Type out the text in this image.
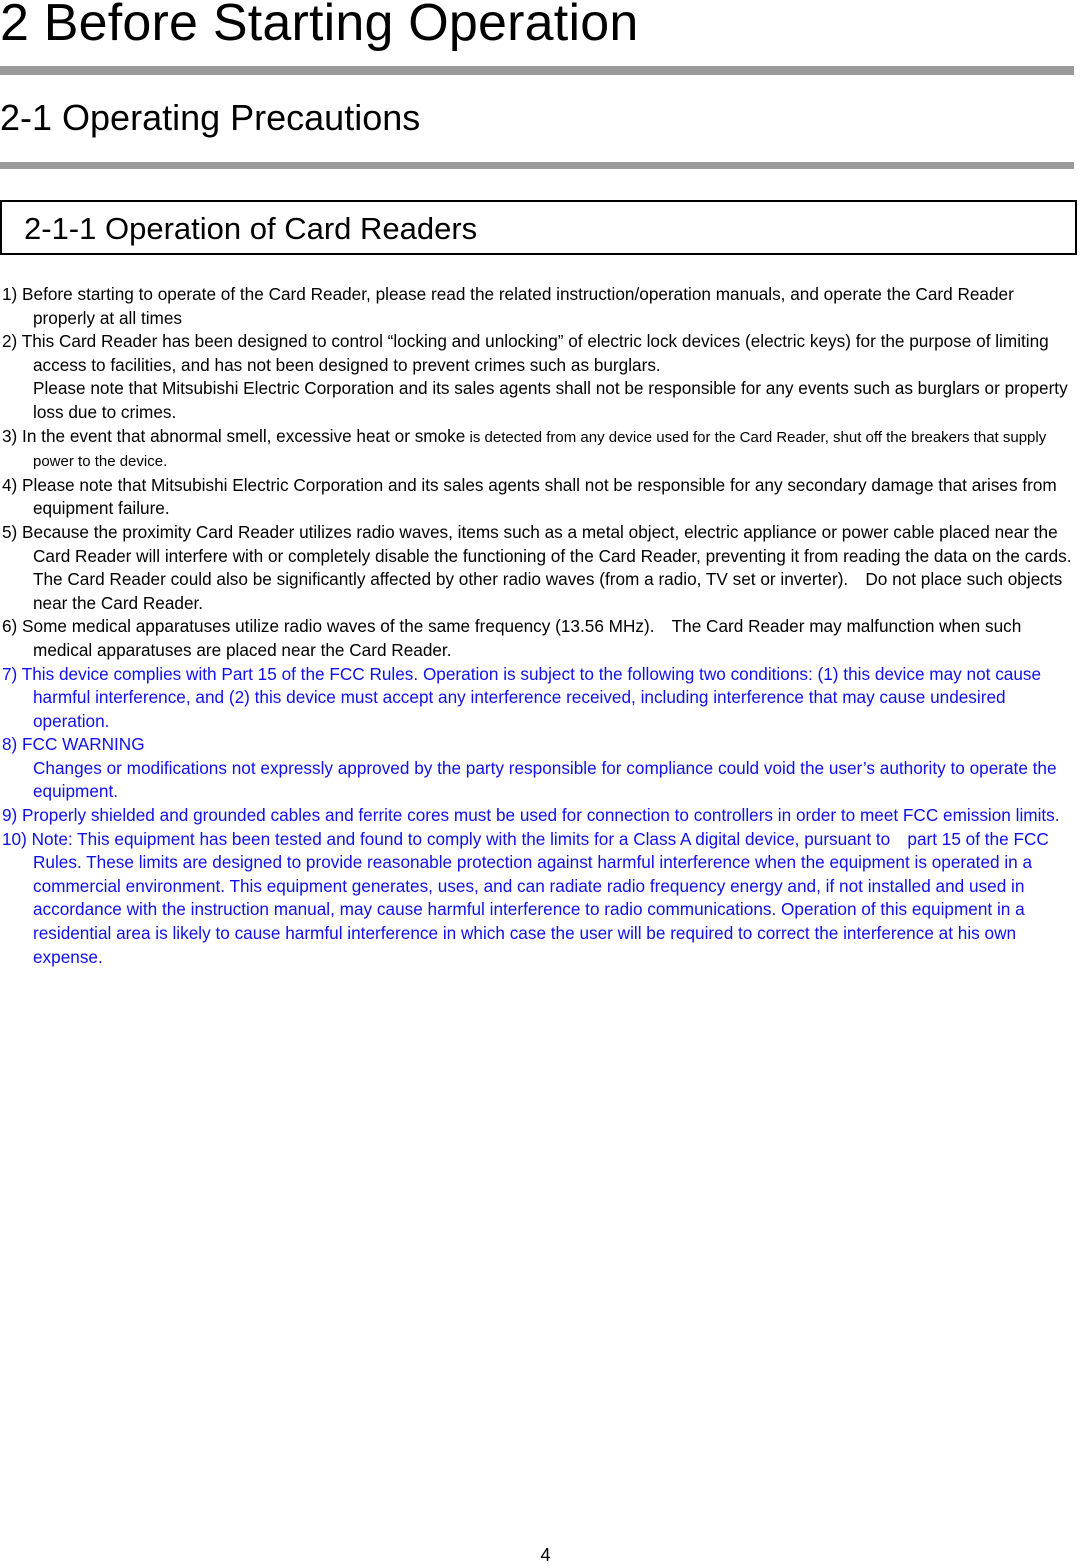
2 Before Starting Operation
2-1 Operating Precautions
2-1-1 Operation of Card Readers
1) Before starting to operate of the Card Reader, please read the related instruction/operation manuals, and operate the Card Reader properly at all times
2) This Card Reader has been designed to control “locking and unlocking” of electric lock devices (electric keys) for the purpose of limiting access to facilities, and has not been designed to prevent crimes such as burglars.
Please note that Mitsubishi Electric Corporation and its sales agents shall not be responsible for any events such as burglars or property loss due to crimes.
3) In the event that abnormal smell, excessive heat or smoke is detected from any device used for the Card Reader, shut off the breakers that supply power to the device.
4) Please note that Mitsubishi Electric Corporation and its sales agents shall not be responsible for any secondary damage that arises from equipment failure.
5) Because the proximity Card Reader utilizes radio waves, items such as a metal object, electric appliance or power cable placed near the Card Reader will interfere with or completely disable the functioning of the Card Reader, preventing it from reading the data on the cards. The Card Reader could also be significantly affected by other radio waves (from a radio, TV set or inverter).　Do not place such objects near the Card Reader.
6) Some medical apparatuses utilize radio waves of the same frequency (13.56 MHz).　The Card Reader may malfunction when such medical apparatuses are placed near the Card Reader.
7) This device complies with Part 15 of the FCC Rules. Operation is subject to the following two conditions: (1) this device may not cause harmful interference, and (2) this device must accept any interference received, including interference that may cause undesired operation.
8) FCC WARNING
Changes or modifications not expressly approved by the party responsible for compliance could void the user’s authority to operate the equipment.
9) Properly shielded and grounded cables and ferrite cores must be used for connection to controllers in order to meet FCC emission limits.
10) Note: This equipment has been tested and found to comply with the limits for a Class A digital device, pursuant to　part 15 of the FCC Rules. These limits are designed to provide reasonable protection against harmful interference when the equipment is operated in a commercial environment. This equipment generates, uses, and can radiate radio frequency energy and, if not installed and used in accordance with the instruction manual, may cause harmful interference to radio communications. Operation of this equipment in a residential area is likely to cause harmful interference in which case the user will be required to correct the interference at his own expense.
4
